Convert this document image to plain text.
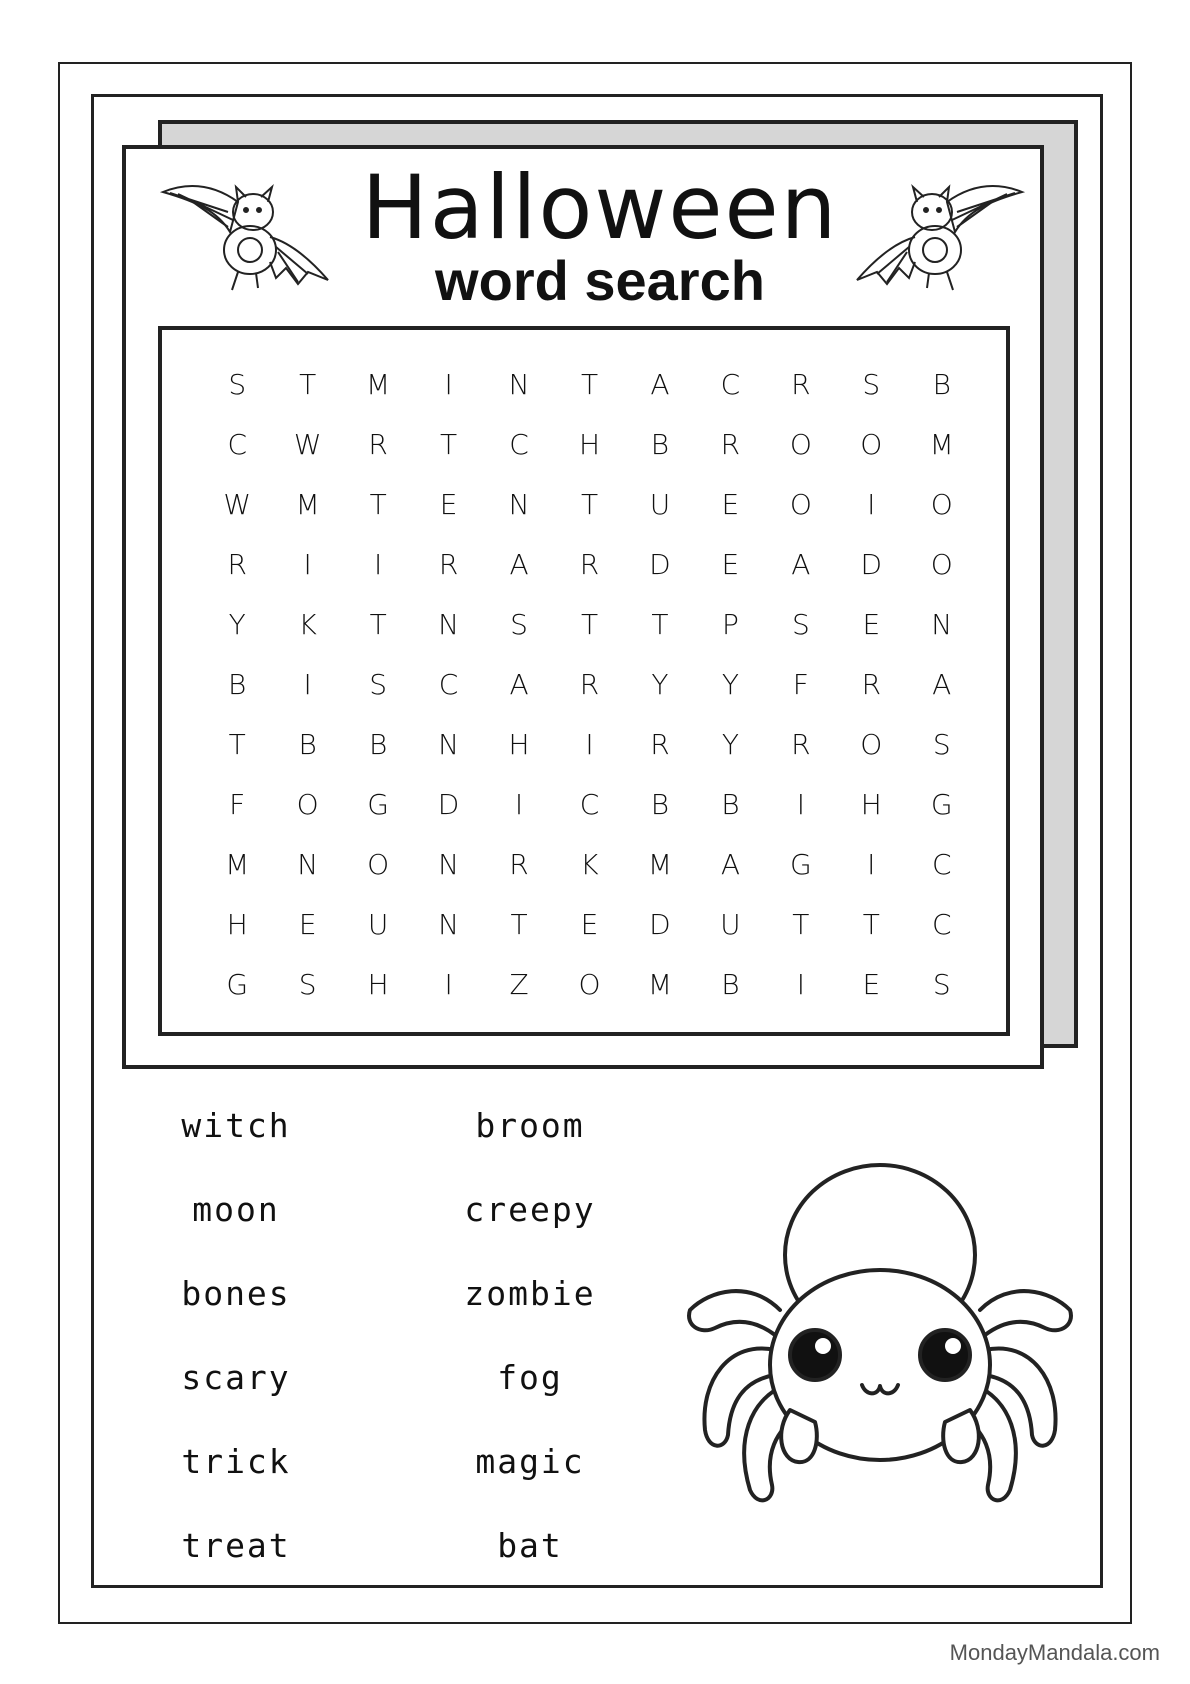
Halloween
word search
S	T	M	I	N	T	A	C	R	S	B
C	W	R	T	C	H	B	R	O	O	M
W	M	T	E	N	T	U	E	O	I	O
R	I	I	R	A	R	D	E	A	D	O
Y	K	T	N	S	T	T	P	S	E	N
B	I	S	C	A	R	Y	Y	F	R	A
T	B	B	N	H	I	R	Y	R	O	S
F	O	G	D	I	C	B	B	I	H	G
M	N	O	N	R	K	M	A	G	I	C
H	E	U	N	T	E	D	U	T	T	C
G	S	H	I	Z	O	M	B	I	E	S
witch
moon
bones
scary
trick
treat
broom
creepy
zombie
fog
magic
bat
MondayMandala.com
